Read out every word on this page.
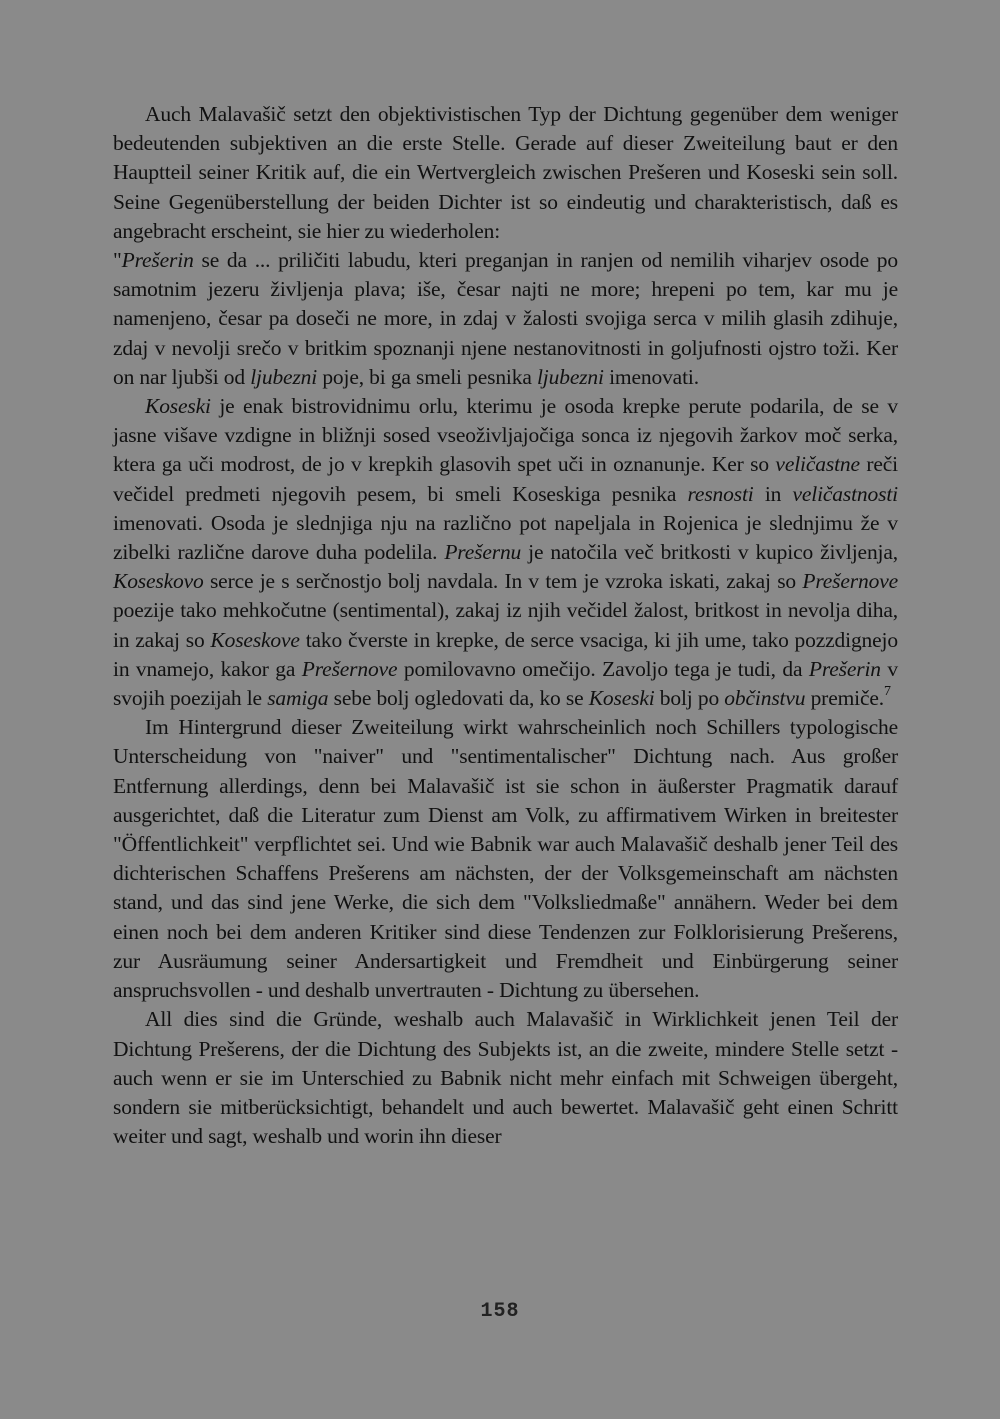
Auch Malavašič setzt den objektivistischen Typ der Dichtung gegenüber dem weniger bedeutenden subjektiven an die erste Stelle. Gerade auf dieser Zweiteilung baut er den Hauptteil seiner Kritik auf, die ein Wertvergleich zwischen Prešeren und Koseski sein soll. Seine Gegenüberstellung der beiden Dichter ist so eindeutig und charakteristisch, daß es angebracht erscheint, sie hier zu wiederholen:

"Prešerin se da ... priličiti labudu, kteri preganjan in ranjen od nemilih viharjev osode po samotnim jezeru življenja plava; iše, česar najti ne more; hrepeni po tem, kar mu je namenjeno, česar pa doseči ne more, in zdaj v žalosti svojiga serca v milih glasih zdihuje, zdaj v nevolji srečo v britkim spoznanji njene nestanovitnosti in goljufnosti ojstro toži. Ker on nar ljubši od ljubezni poje, bi ga smeli pesnika ljubezni imenovati.

Koseski je enak bistrovidnimu orlu, kterimu je osoda krepke perute podarila, de se v jasne višave vzdigne in bližnji sosed vseoživljajočiga sonca iz njegovih žarkov moč serka, ktera ga uči modrost, de jo v krepkih glasovih spet uči in oznanunje. Ker so veličastne reči večidel predmeti njegovih pesem, bi smeli Koseskiga pesnika resnosti in veličastnosti imenovati. Osoda je slednjiga nju na različno pot napeljala in Rojenica je slednjimu že v zibelki različne darove duha podelila. Prešernu je natočila več britkosti v kupico življenja, Koseskovo serce je s serčnostjo bolj navdala. In v tem je vzroka iskati, zakaj so Prešernove poezije tako mehkočutne (sentimental), zakaj iz njih večidel žalost, britkost in nevolja diha, in zakaj so Koseskove tako čverste in krepke, de serce vsaciga, ki jih ume, tako pozzdignejo in vnamejo, kakor ga Prešernove pomilovavno omečijo. Zavoljo tega je tudi, da Prešerin v svojih poezijah le samiga sebe bolj ogledovati da, ko se Koseski bolj po občinstvu premiče.$^7$

Im Hintergrund dieser Zweiteilung wirkt wahrscheinlich noch Schillers typologische Unterscheidung von "naiver" und "sentimentalischer" Dichtung nach. Aus großer Entfernung allerdings, denn bei Malavašič ist sie schon in äußerster Pragmatik darauf ausgerichtet, daß die Literatur zum Dienst am Volk, zu affirmativem Wirken in breitester "Öffentlichkeit" verpflichtet sei. Und wie Babnik war auch Malavašič deshalb jener Teil des dichterischen Schaffens Prešerens am nächsten, der der Volksgemeinschaft am nächsten stand, und das sind jene Werke, die sich dem "Volksliedmaße" annähern. Weder bei dem einen noch bei dem anderen Kritiker sind diese Tendenzen zur Folklorisierung Prešerens, zur Ausräumung seiner Andersartigkeit und Fremdheit und Einbürgerung seiner anspruchsvollen - und deshalb unvertrauten - Dichtung zu übersehen.

All dies sind die Gründe, weshalb auch Malavašič in Wirklichkeit jenen Teil der Dichtung Prešerens, der die Dichtung des Subjekts ist, an die zweite, mindere Stelle setzt - auch wenn er sie im Unterschied zu Babnik nicht mehr einfach mit Schweigen übergeht, sondern sie mitberücksichtigt, behandelt und auch bewertet. Malavašič geht einen Schritt weiter und sagt, weshalb und worin ihn dieser

158
